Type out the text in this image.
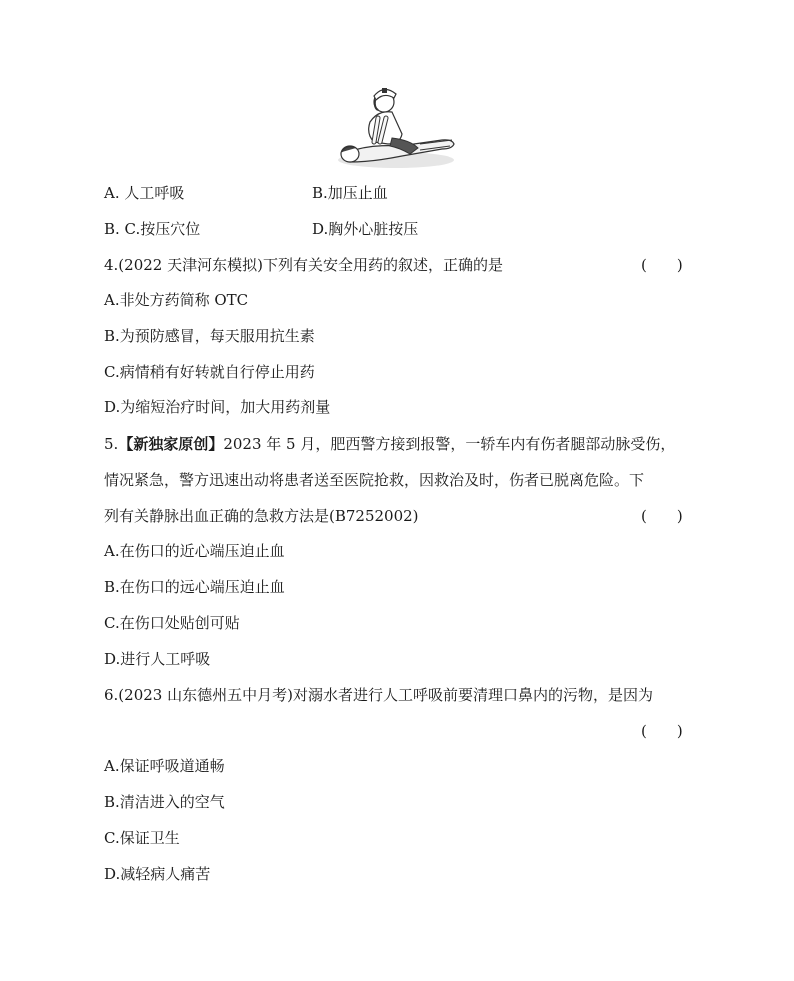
A. 人工呼吸	B.加压止血
B. C.按压穴位	D.胸外心脏按压
4.(2022 天津河东模拟)下列有关安全用药的叙述，正确的是	(　　)
A.非处方药简称 OTC
B.为预防感冒，每天服用抗生素
C.病情稍有好转就自行停止用药
D.为缩短治疗时间，加大用药剂量
5.【新独家原创】2023 年 5 月，肥西警方接到报警，一轿车内有伤者腿部动脉受伤，
情况紧急，警方迅速出动将患者送至医院抢救，因救治及时，伤者已脱离危险。下
列有关静脉出血正确的急救方法是(B7252002)	(　　)
A.在伤口的近心端压迫止血
B.在伤口的远心端压迫止血
C.在伤口处贴创可贴
D.进行人工呼吸
6.(2023 山东德州五中月考)对溺水者进行人工呼吸前要清理口鼻内的污物，是因为
(　　)
A.保证呼吸道通畅
B.清洁进入的空气
C.保证卫生
D.减轻病人痛苦
